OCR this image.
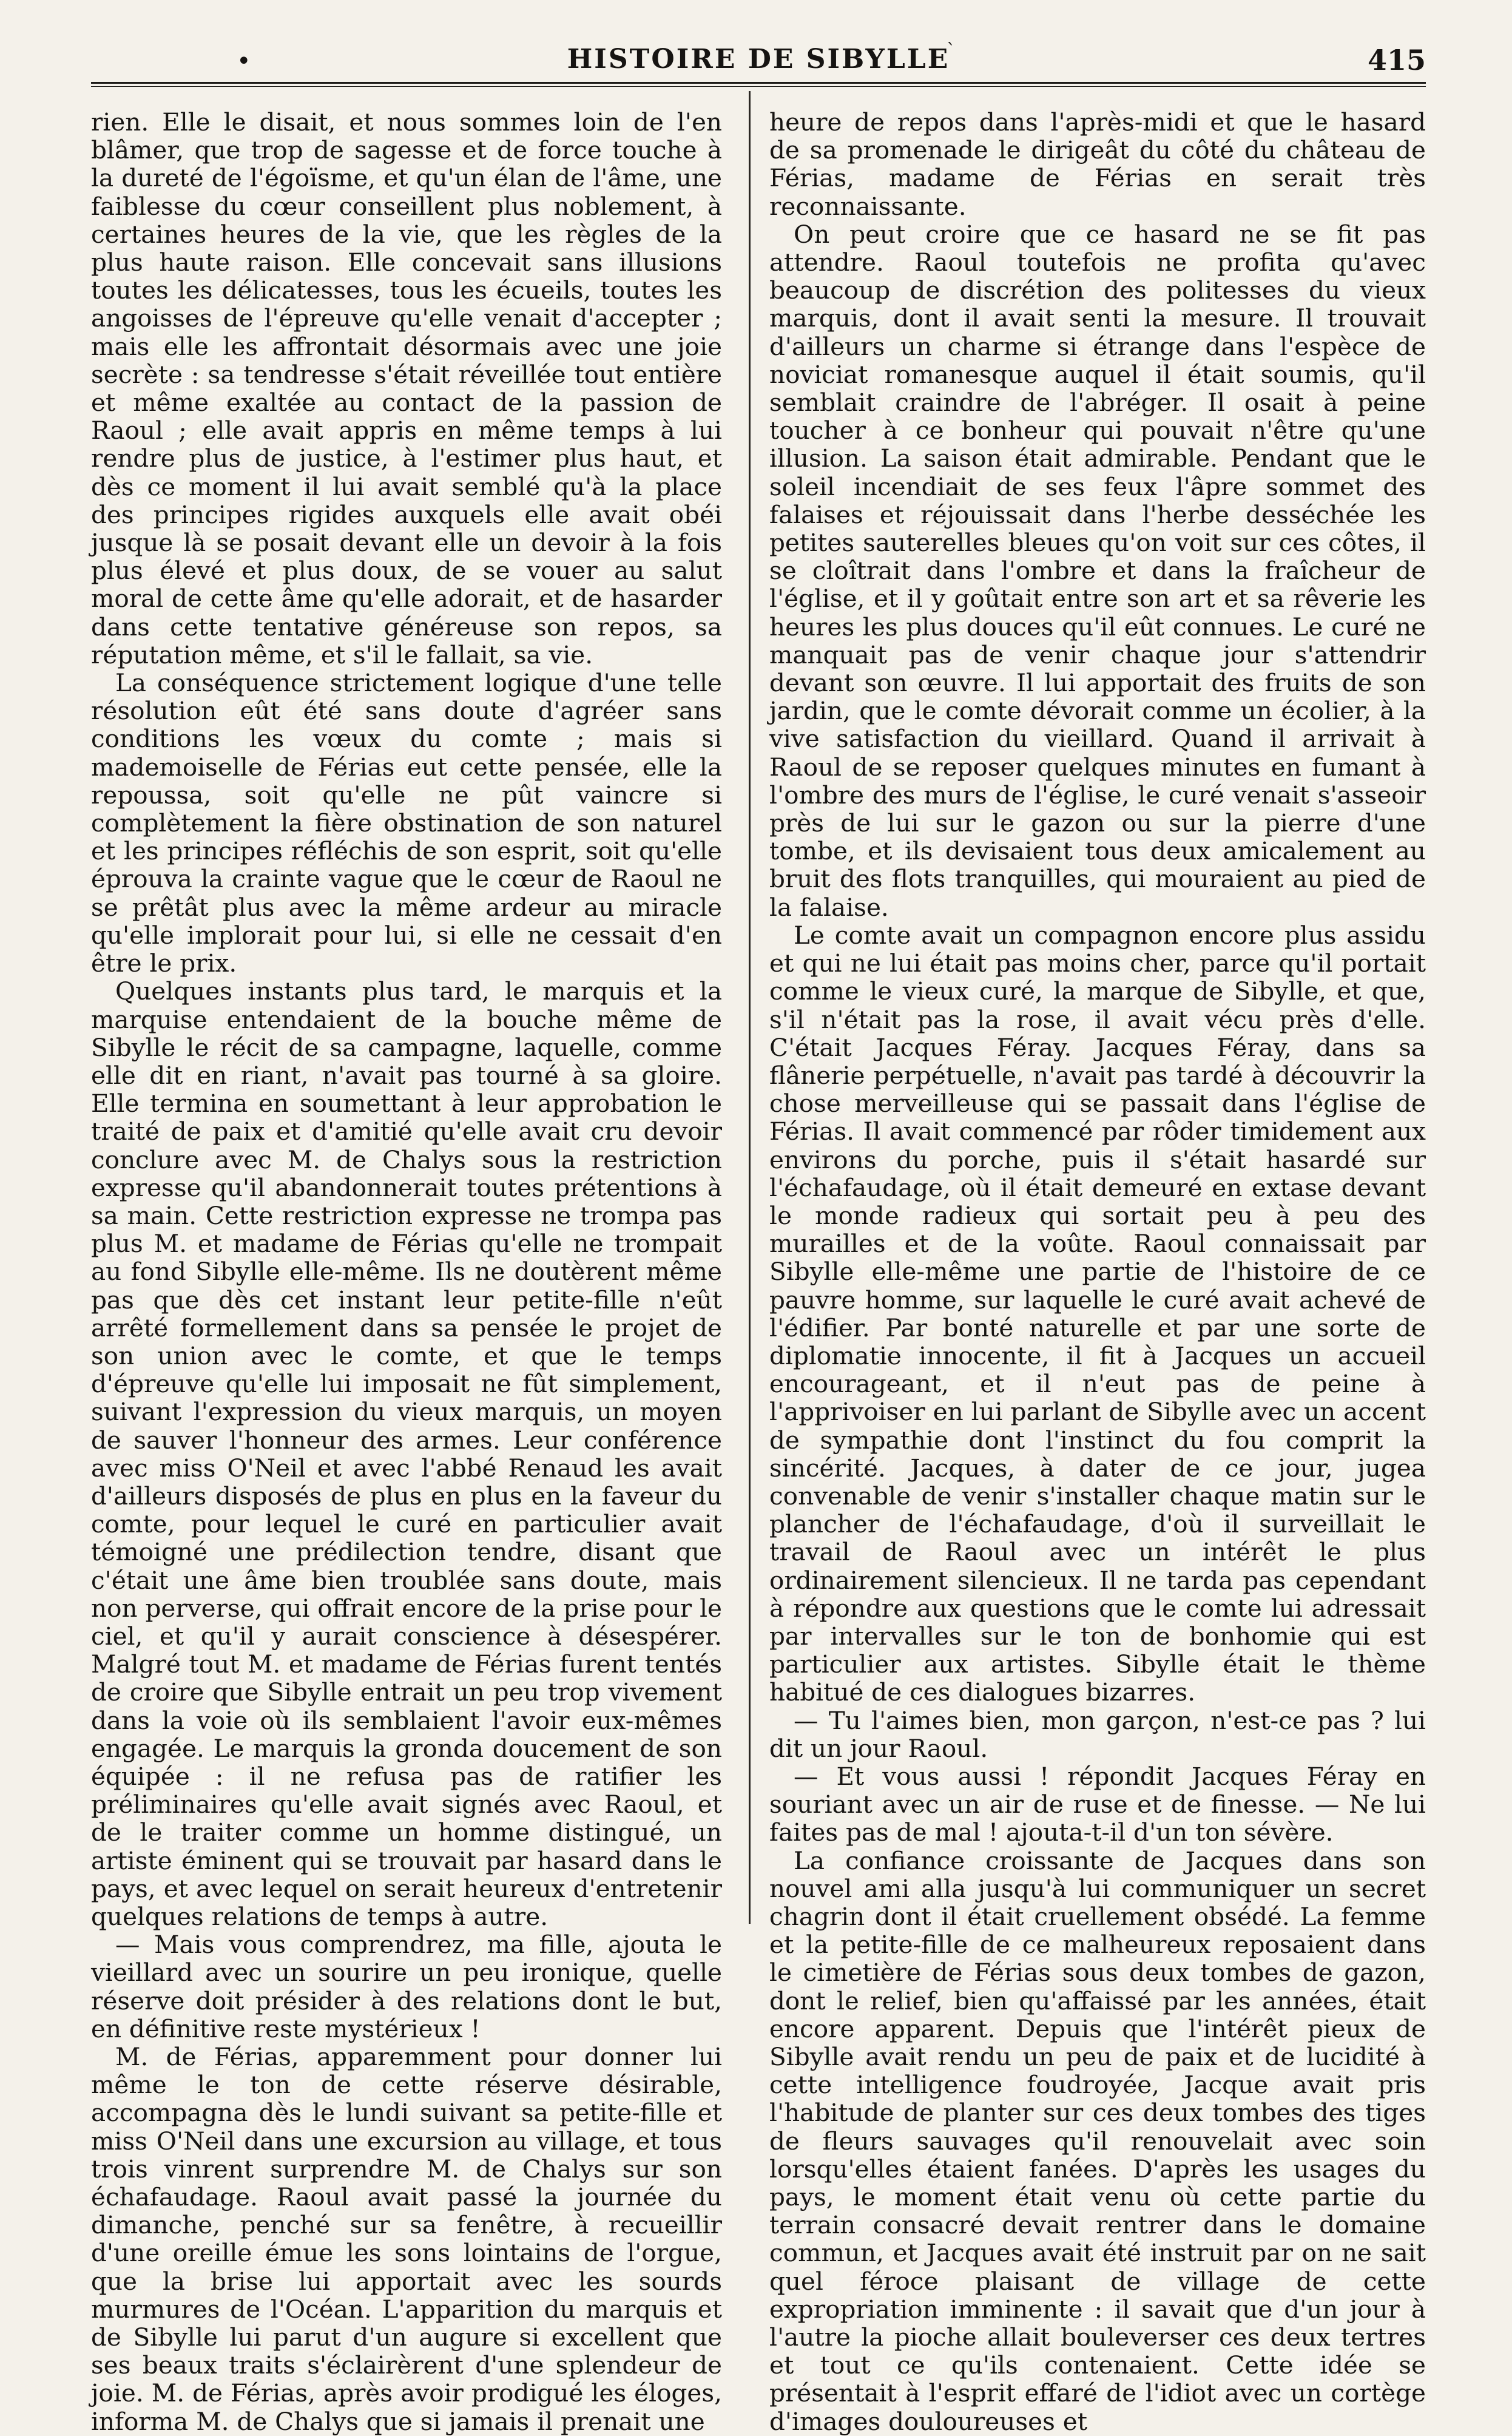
•	HISTOIRE DE SIBYLLE
ˋ	415

rien. Elle le disait, et nous sommes loin de l'en blâmer, que trop de sagesse et de force touche à la dureté de l'égoïsme, et qu'un élan de l'âme, une faiblesse du cœur conseillent plus noblement, à certaines heures de la vie, que les règles de la plus haute raison. Elle concevait sans illusions toutes les délicatesses, tous les écueils, toutes les angoisses de l'épreuve qu'elle venait d'accepter ; mais elle les affrontait désormais avec une joie secrète : sa tendresse s'était réveillée tout entière et même exaltée au contact de la passion de Raoul ; elle avait appris en même temps à lui rendre plus de justice, à l'estimer plus haut, et dès ce moment il lui avait semblé qu'à la place des principes rigides auxquels elle avait obéi jusque là se posait devant elle un devoir à la fois plus élevé et plus doux, de se vouer au salut moral de cette âme qu'elle adorait, et de hasarder dans cette tentative généreuse son repos, sa réputation même, et s'il le fallait, sa vie.

La conséquence strictement logique d'une telle résolution eût été sans doute d'agréer sans conditions les vœux du comte ; mais si mademoiselle de Férias eut cette pensée, elle la repoussa, soit qu'elle ne pût vaincre si complètement la fière obstination de son naturel et les principes réfléchis de son esprit, soit qu'elle éprouva la crainte vague que le cœur de Raoul ne se prêtât plus avec la même ardeur au miracle qu'elle implorait pour lui, si elle ne cessait d'en être le prix.

Quelques instants plus tard, le marquis et la marquise entendaient de la bouche même de Sibylle le récit de sa campagne, laquelle, comme elle dit en riant, n'avait pas tourné à sa gloire. Elle termina en soumettant à leur approbation le traité de paix et d'amitié qu'elle avait cru devoir conclure avec M. de Chalys sous la restriction expresse qu'il abandonnerait toutes prétentions à sa main. Cette restriction expresse ne trompa pas plus M. et madame de Férias qu'elle ne trompait au fond Sibylle elle-même. Ils ne doutèrent même pas que dès cet instant leur petite-fille n'eût arrêté formellement dans sa pensée le projet de son union avec le comte, et que le temps d'épreuve qu'elle lui imposait ne fût simplement, suivant l'expression du vieux marquis, un moyen de sauver l'honneur des armes. Leur conférence avec miss O'Neil et avec l'abbé Renaud les avait d'ailleurs disposés de plus en plus en la faveur du comte, pour lequel le curé en particulier avait témoigné une prédilection tendre, disant que c'était une âme bien troublée sans doute, mais non perverse, qui offrait encore de la prise pour le ciel, et qu'il y aurait conscience à désespérer. Malgré tout M. et madame de Férias furent tentés de croire que Sibylle entrait un peu trop vivement dans la voie où ils semblaient l'avoir eux-mêmes engagée. Le marquis la gronda doucement de son équipée : il ne refusa pas de ratifier les préliminaires qu'elle avait signés avec Raoul, et de le traiter comme un homme distingué, un artiste éminent qui se trouvait par hasard dans le pays, et avec lequel on serait heureux d'entretenir quelques relations de temps à autre.

— Mais vous comprendrez, ma fille, ajouta le vieillard avec un sourire un peu ironique, quelle réserve doit présider à des relations dont le but, en définitive reste mystérieux !

M. de Férias, apparemment pour donner lui même le ton de cette réserve désirable, accompagna dès le lundi suivant sa petite-fille et miss O'Neil dans une excursion au village, et tous trois vinrent surprendre M. de Chalys sur son échafaudage. Raoul avait passé la journée du dimanche, penché sur sa fenêtre, à recueillir d'une oreille émue les sons lointains de l'orgue, que la brise lui apportait avec les sourds murmures de l'Océan. L'apparition du marquis et de Sibylle lui parut d'un augure si excellent que ses beaux traits s'éclairèrent d'une splendeur de joie. M. de Férias, après avoir prodigué les éloges, informa M. de Chalys que si jamais il prenait une

heure de repos dans l'après-midi et que le hasard de sa promenade le dirigeât du côté du château de Férias, madame de Férias en serait très reconnaissante.

On peut croire que ce hasard ne se fit pas attendre. Raoul toutefois ne profita qu'avec beaucoup de discrétion des politesses du vieux marquis, dont il avait senti la mesure. Il trouvait d'ailleurs un charme si étrange dans l'espèce de noviciat romanesque auquel il était soumis, qu'il semblait craindre de l'abréger. Il osait à peine toucher à ce bonheur qui pouvait n'être qu'une illusion. La saison était admirable. Pendant que le soleil incendiait de ses feux l'âpre sommet des falaises et réjouissait dans l'herbe desséchée les petites sauterelles bleues qu'on voit sur ces côtes, il se cloîtrait dans l'ombre et dans la fraîcheur de l'église, et il y goûtait entre son art et sa rêverie les heures les plus douces qu'il eût connues. Le curé ne manquait pas de venir chaque jour s'attendrir devant son œuvre. Il lui apportait des fruits de son jardin, que le comte dévorait comme un écolier, à la vive satisfaction du vieillard. Quand il arrivait à Raoul de se reposer quelques minutes en fumant à l'ombre des murs de l'église, le curé venait s'asseoir près de lui sur le gazon ou sur la pierre d'une tombe, et ils devisaient tous deux amicalement au bruit des flots tranquilles, qui mouraient au pied de la falaise.

Le comte avait un compagnon encore plus assidu et qui ne lui était pas moins cher, parce qu'il portait comme le vieux curé, la marque de Sibylle, et que, s'il n'était pas la rose, il avait vécu près d'elle. C'était Jacques Féray. Jacques Féray, dans sa flânerie perpétuelle, n'avait pas tardé à découvrir la chose merveilleuse qui se passait dans l'église de Férias. Il avait commencé par rôder timidement aux environs du porche, puis il s'était hasardé sur l'échafaudage, où il était demeuré en extase devant le monde radieux qui sortait peu à peu des murailles et de la voûte. Raoul connaissait par Sibylle elle-même une partie de l'histoire de ce pauvre homme, sur laquelle le curé avait achevé de l'édifier. Par bonté naturelle et par une sorte de diplomatie innocente, il fit à Jacques un accueil encourageant, et il n'eut pas de peine à l'apprivoiser en lui parlant de Sibylle avec un accent de sympathie dont l'instinct du fou comprit la sincérité. Jacques, à dater de ce jour, jugea convenable de venir s'installer chaque matin sur le plancher de l'échafaudage, d'où il surveillait le travail de Raoul avec un intérêt le plus ordinairement silencieux. Il ne tarda pas cependant à répondre aux questions que le comte lui adressait par intervalles sur le ton de bonhomie qui est particulier aux artistes. Sibylle était le thème habitué de ces dialogues bizarres.

— Tu l'aimes bien, mon garçon, n'est-ce pas ? lui dit un jour Raoul.

— Et vous aussi ! répondit Jacques Féray en souriant avec un air de ruse et de finesse. — Ne lui faites pas de mal ! ajouta-t-il d'un ton sévère.

La confiance croissante de Jacques dans son nouvel ami alla jusqu'à lui communiquer un secret chagrin dont il était cruellement obsédé. La femme et la petite-fille de ce malheureux reposaient dans le cimetière de Férias sous deux tombes de gazon, dont le relief, bien qu'affaissé par les années, était encore apparent. Depuis que l'intérêt pieux de Sibylle avait rendu un peu de paix et de lucidité à cette intelligence foudroyée, Jacque avait pris l'habitude de planter sur ces deux tombes des tiges de fleurs sauvages qu'il renouvelait avec soin lorsqu'elles étaient fanées. D'après les usages du pays, le moment était venu où cette partie du terrain consacré devait rentrer dans le domaine commun, et Jacques avait été instruit par on ne sait quel féroce plaisant de village de cette expropriation imminente : il savait que d'un jour à l'autre la pioche allait bouleverser ces deux tertres et tout ce qu'ils contenaient. Cette idée se présentait à l'esprit effaré de l'idiot avec un cortège d'images douloureuses et
